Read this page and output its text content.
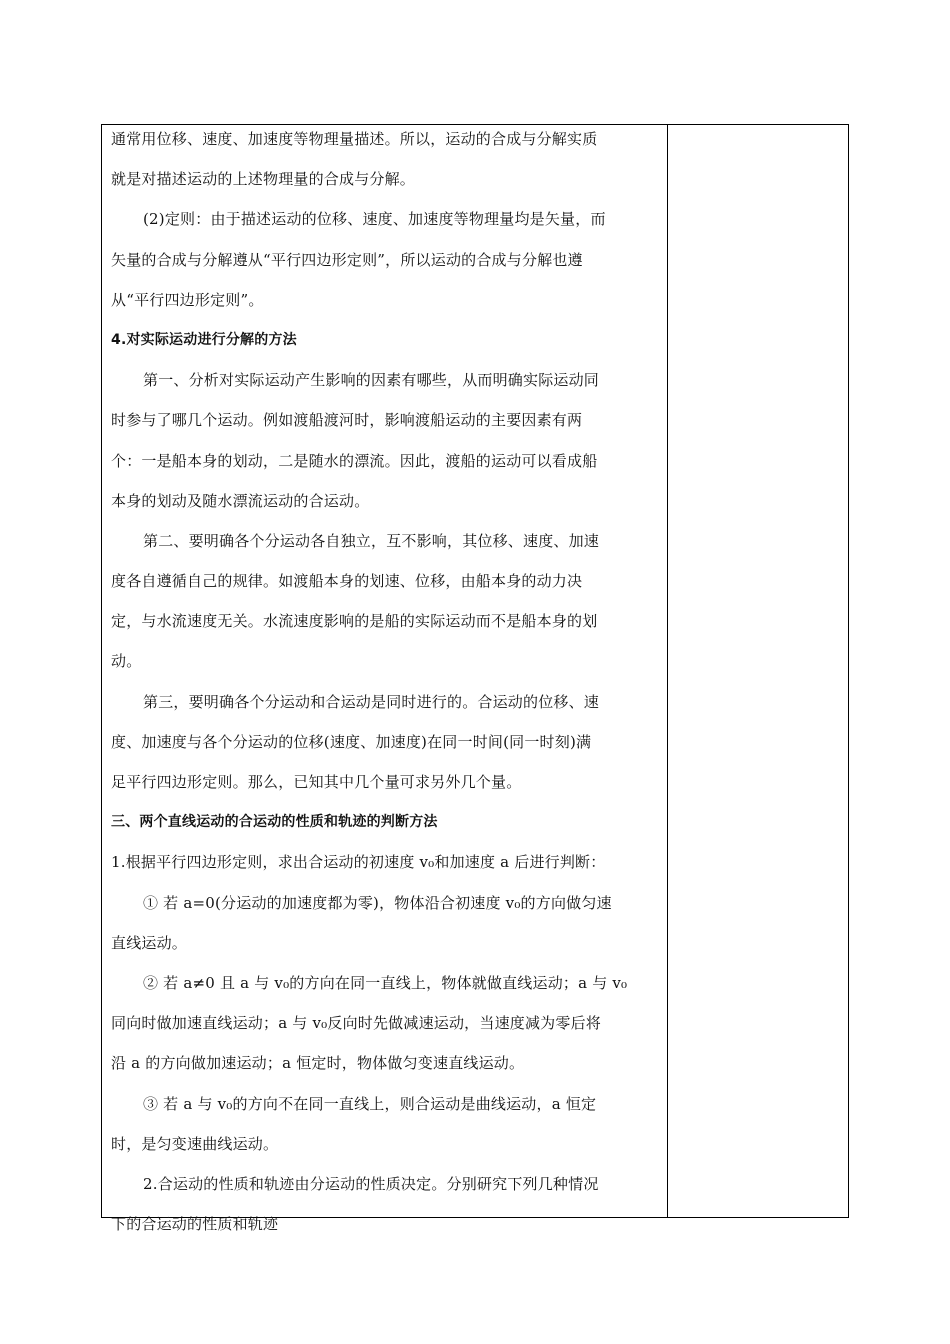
通常用位移、速度、加速度等物理量描述。所以，运动的合成与分解实质
就是对描述运动的上述物理量的合成与分解。
(2)定则：由于描述运动的位移、速度、加速度等物理量均是矢量，而
矢量的合成与分解遵从“平行四边形定则”，所以运动的合成与分解也遵
从“平行四边形定则”。
4.对实际运动进行分解的方法
第一、分析对实际运动产生影响的因素有哪些，从而明确实际运动同
时参与了哪几个运动。例如渡船渡河时，影响渡船运动的主要因素有两
个：一是船本身的划动，二是随水的漂流。因此，渡船的运动可以看成船
本身的划动及随水漂流运动的合运动。
第二、要明确各个分运动各自独立，互不影响，其位移、速度、加速
度各自遵循自己的规律。如渡船本身的划速、位移，由船本身的动力决
定，与水流速度无关。水流速度影响的是船的实际运动而不是船本身的划
动。
第三，要明确各个分运动和合运动是同时进行的。合运动的位移、速
度、加速度与各个分运动的位移(速度、加速度)在同一时间(同一时刻)满
足平行四边形定则。那么，已知其中几个量可求另外几个量。
三、两个直线运动的合运动的性质和轨迹的判断方法
1.根据平行四边形定则，求出合运动的初速度 v₀和加速度 a 后进行判断：
① 若 a=0(分运动的加速度都为零)，物体沿合初速度 v₀的方向做匀速
直线运动。
② 若 a≠0 且 a 与 v₀的方向在同一直线上，物体就做直线运动；a 与 v₀
同向时做加速直线运动；a 与 v₀反向时先做减速运动，当速度减为零后将
沿 a 的方向做加速运动；a 恒定时，物体做匀变速直线运动。
③ 若 a 与 v₀的方向不在同一直线上，则合运动是曲线运动，a 恒定
时，是匀变速曲线运动。
2.合运动的性质和轨迹由分运动的性质决定。分别研究下列几种情况
下的合运动的性质和轨迹
